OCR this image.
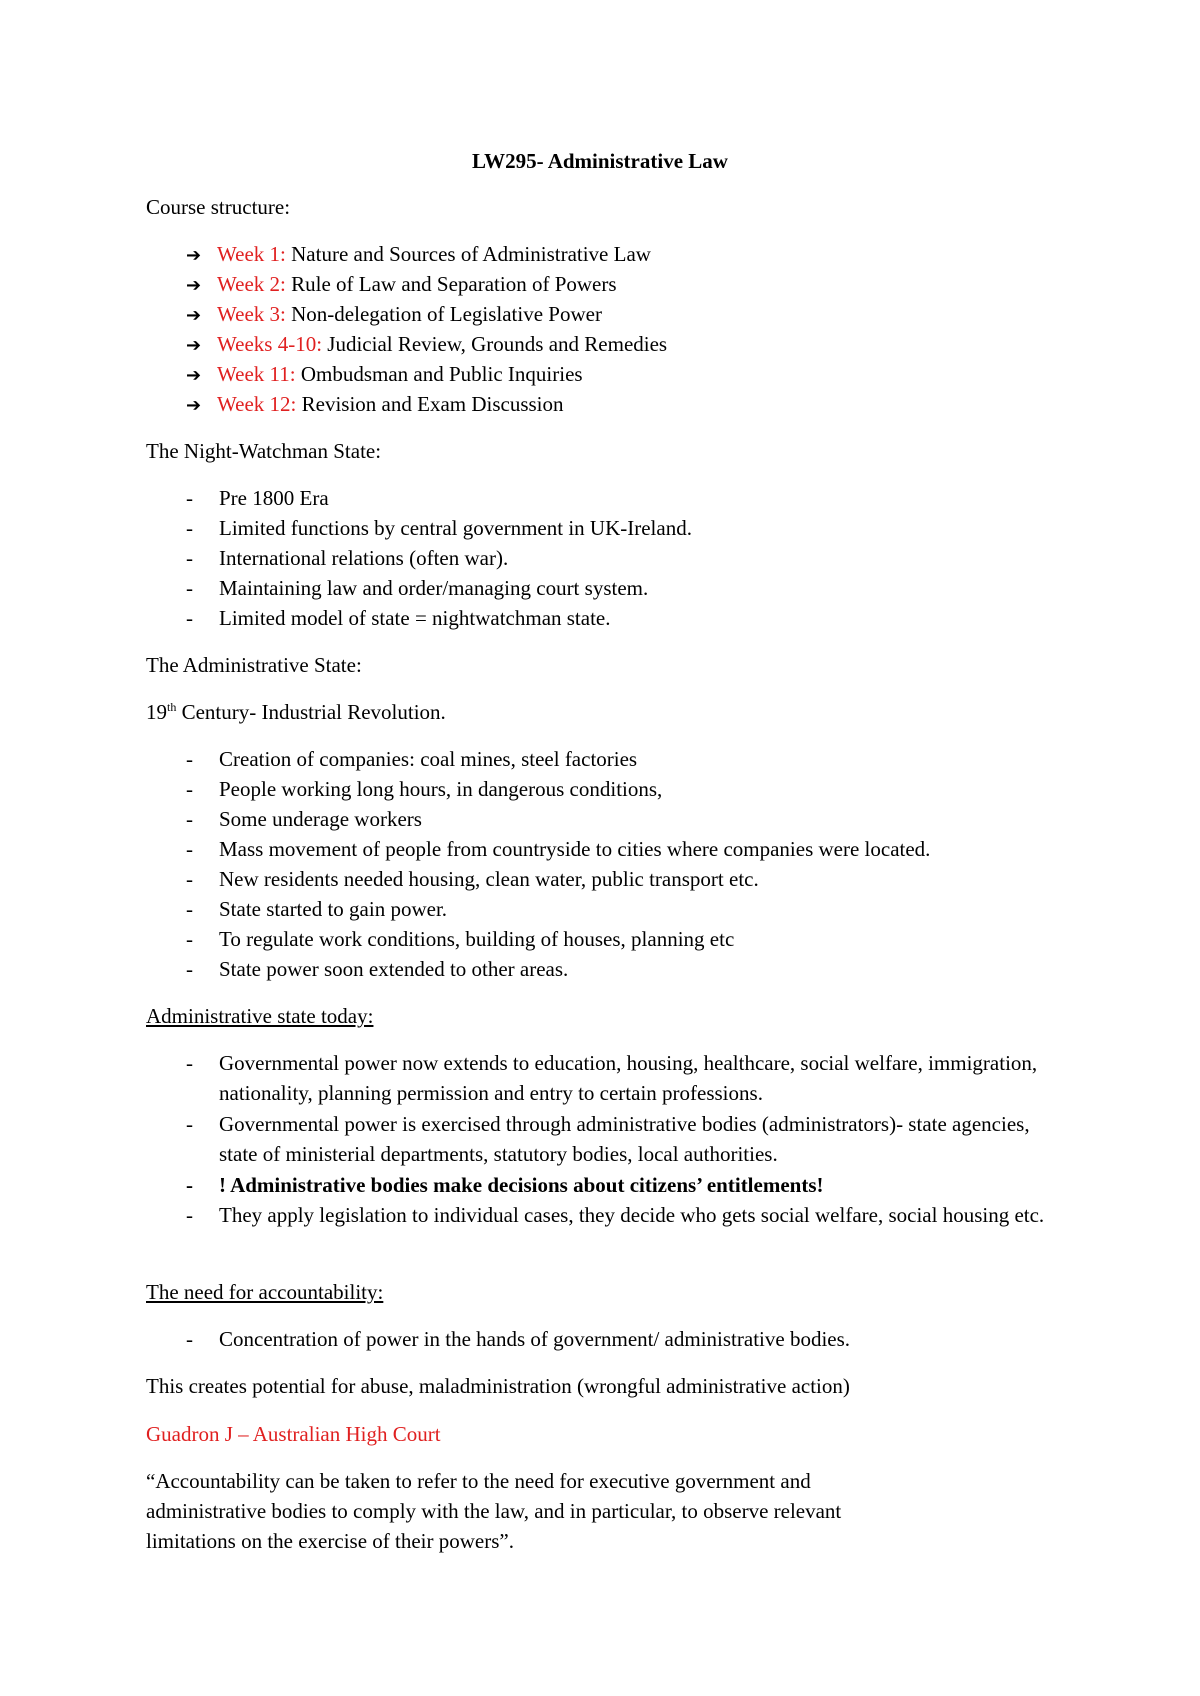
LW295- Administrative Law
Course structure:
➔ Week 1: Nature and Sources of Administrative Law
➔ Week 2: Rule of Law and Separation of Powers
➔ Week 3: Non-delegation of Legislative Power
➔ Weeks 4-10: Judicial Review, Grounds and Remedies
➔ Week 11: Ombudsman and Public Inquiries
➔ Week 12: Revision and Exam Discussion
The Night-Watchman State:
- Pre 1800 Era
- Limited functions by central government in UK-Ireland.
- International relations (often war).
- Maintaining law and order/managing court system.
- Limited model of state = nightwatchman state.
The Administrative State:
19th Century- Industrial Revolution.
- Creation of companies: coal mines, steel factories
- People working long hours, in dangerous conditions,
- Some underage workers
- Mass movement of people from countryside to cities where companies were located.
- New residents needed housing, clean water, public transport etc.
- State started to gain power.
- To regulate work conditions, building of houses, planning etc
- State power soon extended to other areas.
Administrative state today:
- Governmental power now extends to education, housing, healthcare, social welfare, immigration, nationality, planning permission and entry to certain professions.
- Governmental power is exercised through administrative bodies (administrators)- state agencies, state of ministerial departments, statutory bodies, local authorities.
- ! Administrative bodies make decisions about citizens’ entitlements!
- They apply legislation to individual cases, they decide who gets social welfare, social housing etc.
The need for accountability:
- Concentration of power in the hands of government/ administrative bodies.
This creates potential for abuse, maladministration (wrongful administrative action)
Guadron J – Australian High Court
“Accountability can be taken to refer to the need for executive government and
administrative bodies to comply with the law, and in particular, to observe relevant
limitations on the exercise of their powers”.
